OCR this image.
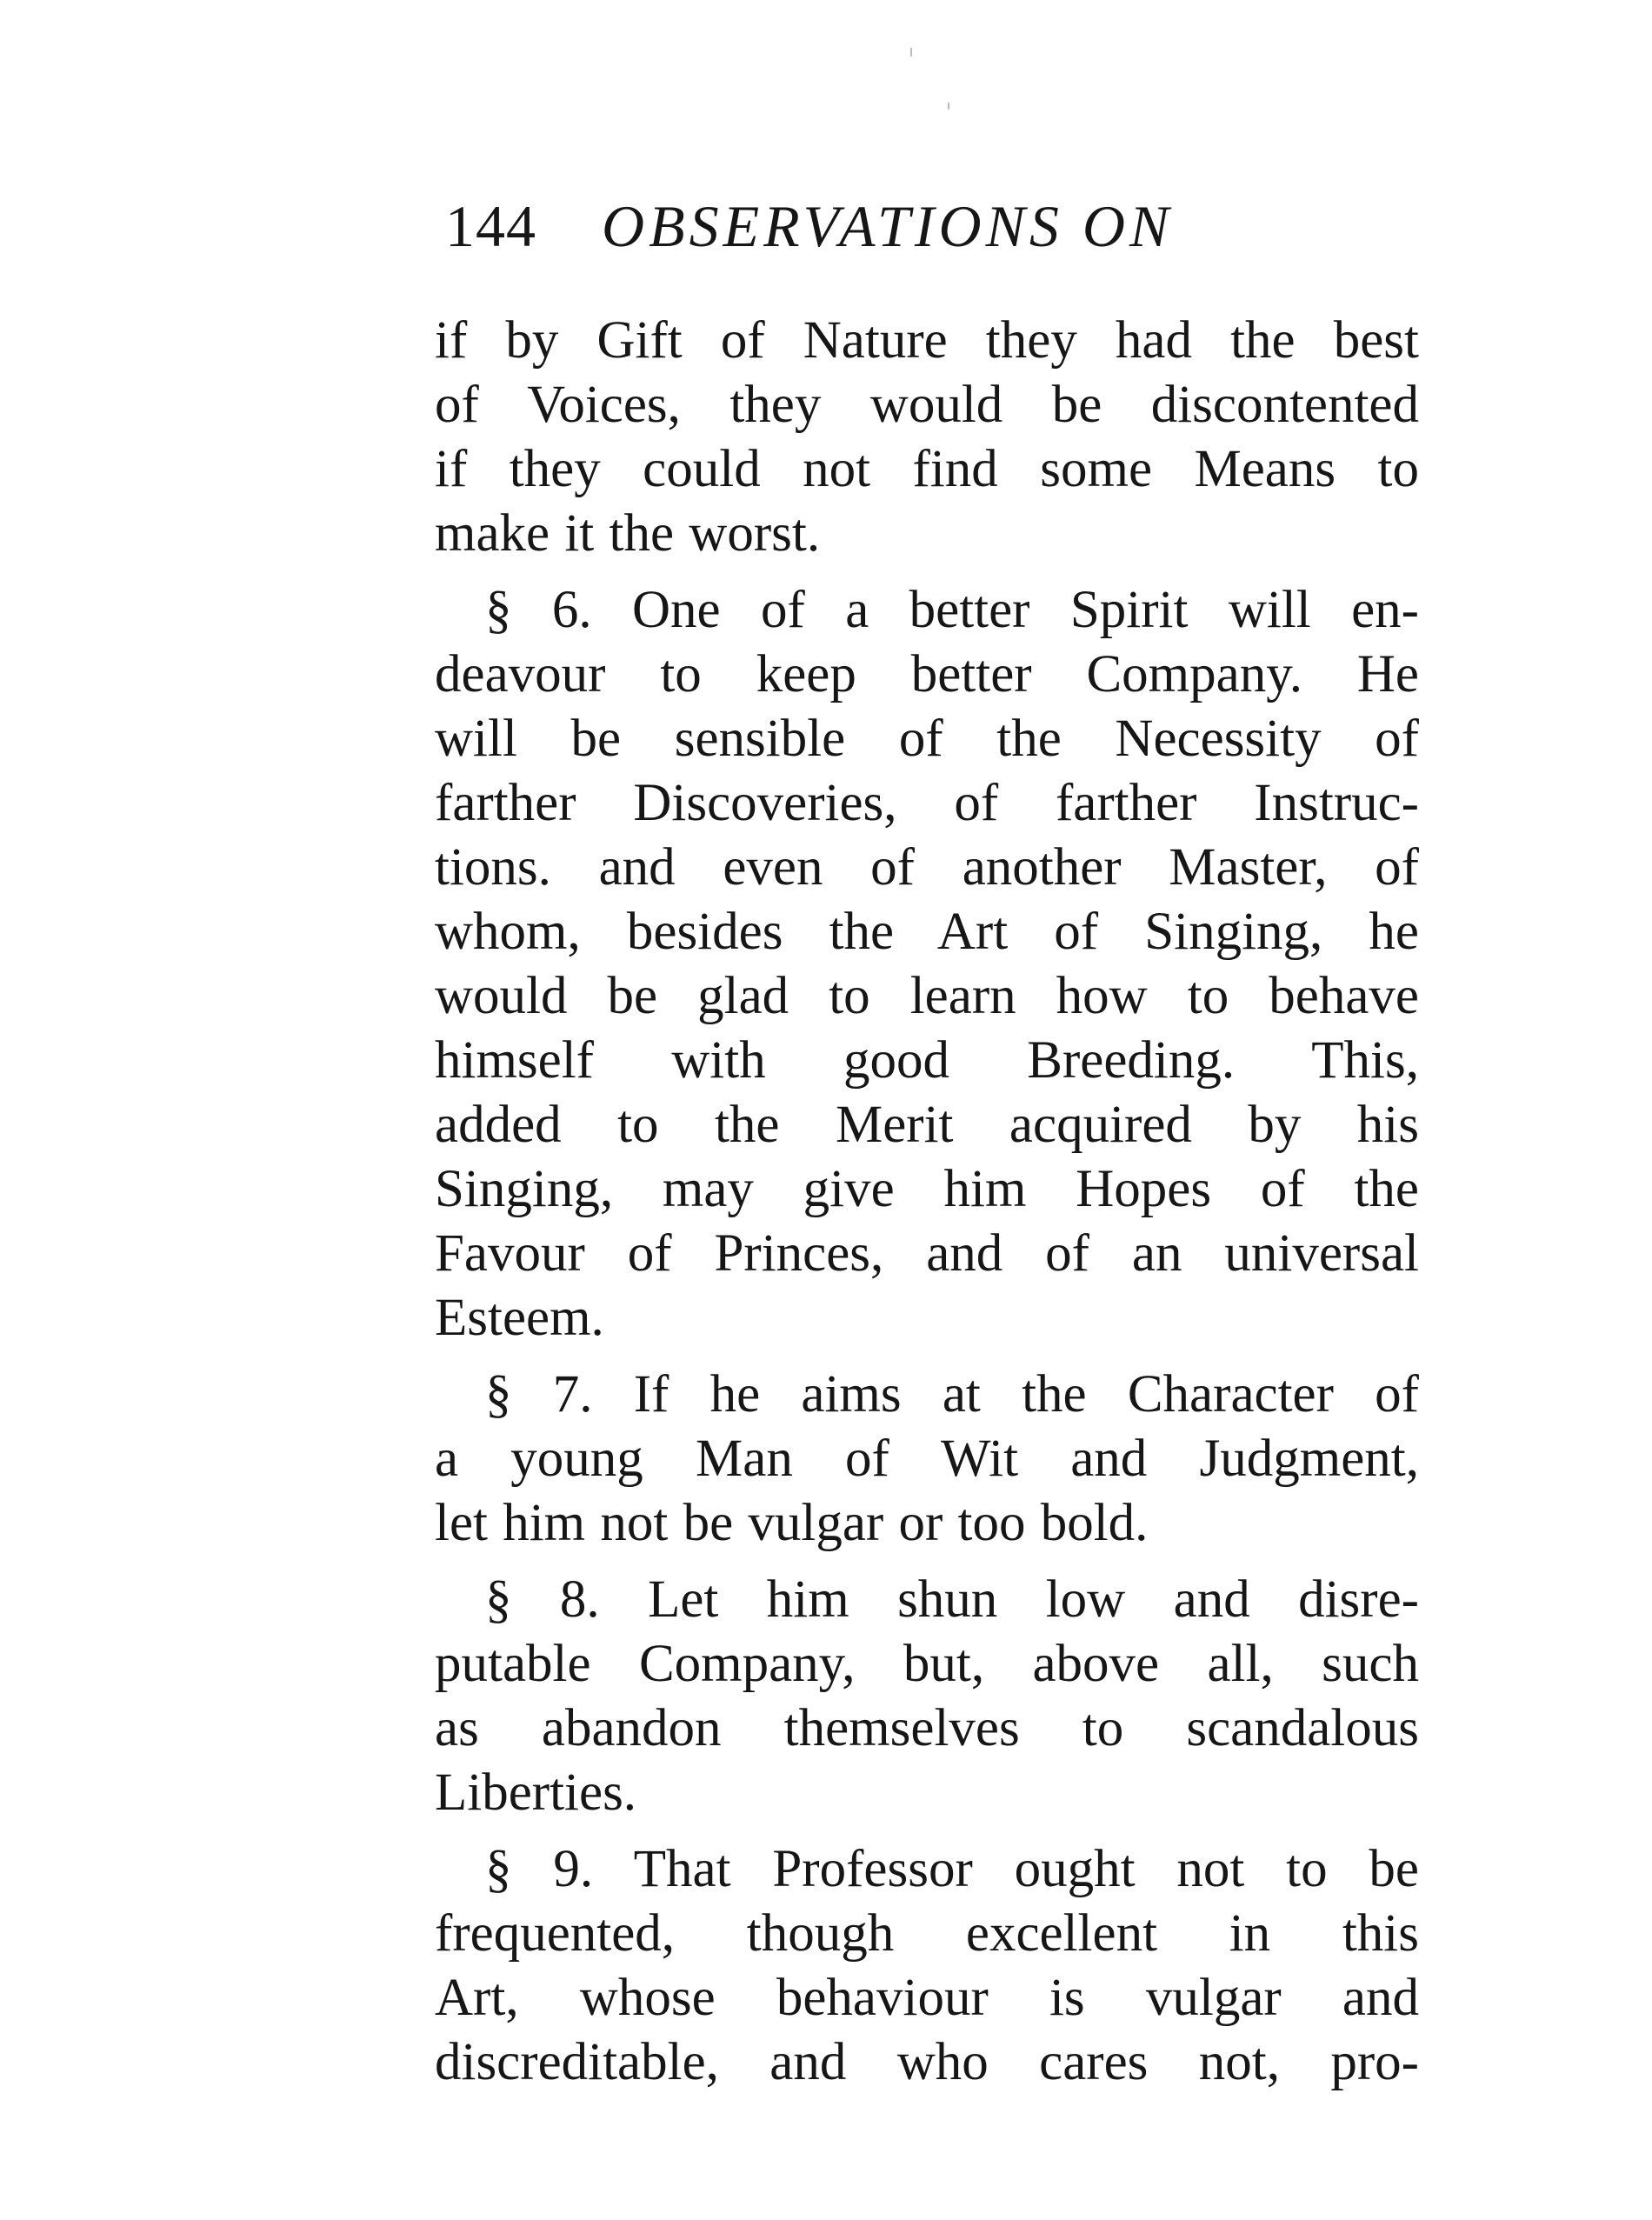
144 OBSERVATIONS ON
if by Gift of Nature they had the best
of Voices, they would be discontented
if they could not find some Means to
make it the worst.
§ 6. One of a better Spirit will en-
deavour to keep better Company. He
will be sensible of the Necessity of
farther Discoveries, of farther Instruc-
tions. and even of another Master, of
whom, besides the Art of Singing, he
would be glad to learn how to behave
himself with good Breeding. This,
added to the Merit acquired by his
Singing, may give him Hopes of the
Favour of Princes, and of an universal
Esteem.
§ 7. If he aims at the Character of
a young Man of Wit and Judgment,
let him not be vulgar or too bold.
§ 8. Let him shun low and disre-
putable Company, but, above all, such
as abandon themselves to scandalous
Liberties.
§ 9. That Professor ought not to be
frequented, though excellent in this
Art, whose behaviour is vulgar and
discreditable, and who cares not, pro-
